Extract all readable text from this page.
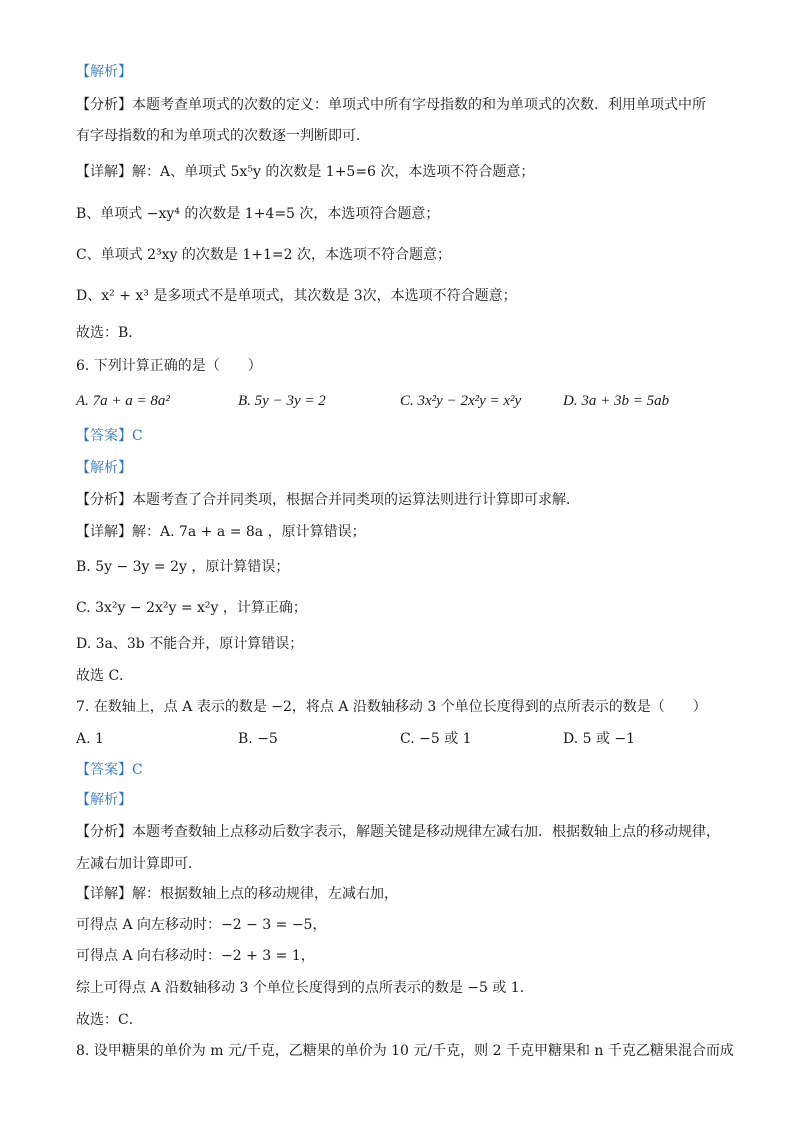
【解析】
【分析】本题考查单项式的次数的定义：单项式中所有字母指数的和为单项式的次数．利用单项式中所
有字母指数的和为单项式的次数逐一判断即可．
【详解】解：A、单项式 5x⁵y 的次数是 1+5=6 次，本选项不符合题意；
B、单项式 −xy⁴ 的次数是 1+4=5 次，本选项符合题意；
C、单项式 2³xy 的次数是 1+1=2 次，本选项不符合题意；
D、x² + x³ 是多项式不是单项式，其次数是 3次，本选项不符合题意；
故选：B．
6. 下列计算正确的是（　　）
A. 7a + a = 8a²	B. 5y − 3y = 2	C. 3x²y − 2x²y = x²y	D. 3a + 3b = 5ab
【答案】C
【解析】
【分析】本题考查了合并同类项，根据合并同类项的运算法则进行计算即可求解．
【详解】解：A. 7a + a = 8a ，原计算错误；
B. 5y − 3y = 2y ，原计算错误；
C. 3x²y − 2x²y = x²y ，计算正确；
D. 3a、3b 不能合并，原计算错误；
故选 C．
7. 在数轴上，点 A 表示的数是 −2，将点 A 沿数轴移动 3 个单位长度得到的点所表示的数是（　　）
A. 1	B. −5	C. −5 或 1	D. 5 或 −1
【答案】C
【解析】
【分析】本题考查数轴上点移动后数字表示，解题关键是移动规律左减右加．根据数轴上点的移动规律，
左减右加计算即可．
【详解】解：根据数轴上点的移动规律，左减右加，
可得点 A 向左移动时：−2 − 3 = −5，
可得点 A 向右移动时：−2 + 3 = 1，
综上可得点 A 沿数轴移动 3 个单位长度得到的点所表示的数是 −5 或 1．
故选：C．
8. 设甲糖果的单价为 m 元/千克，乙糖果的单价为 10 元/千克，则 2 千克甲糖果和 n 千克乙糖果混合而成
